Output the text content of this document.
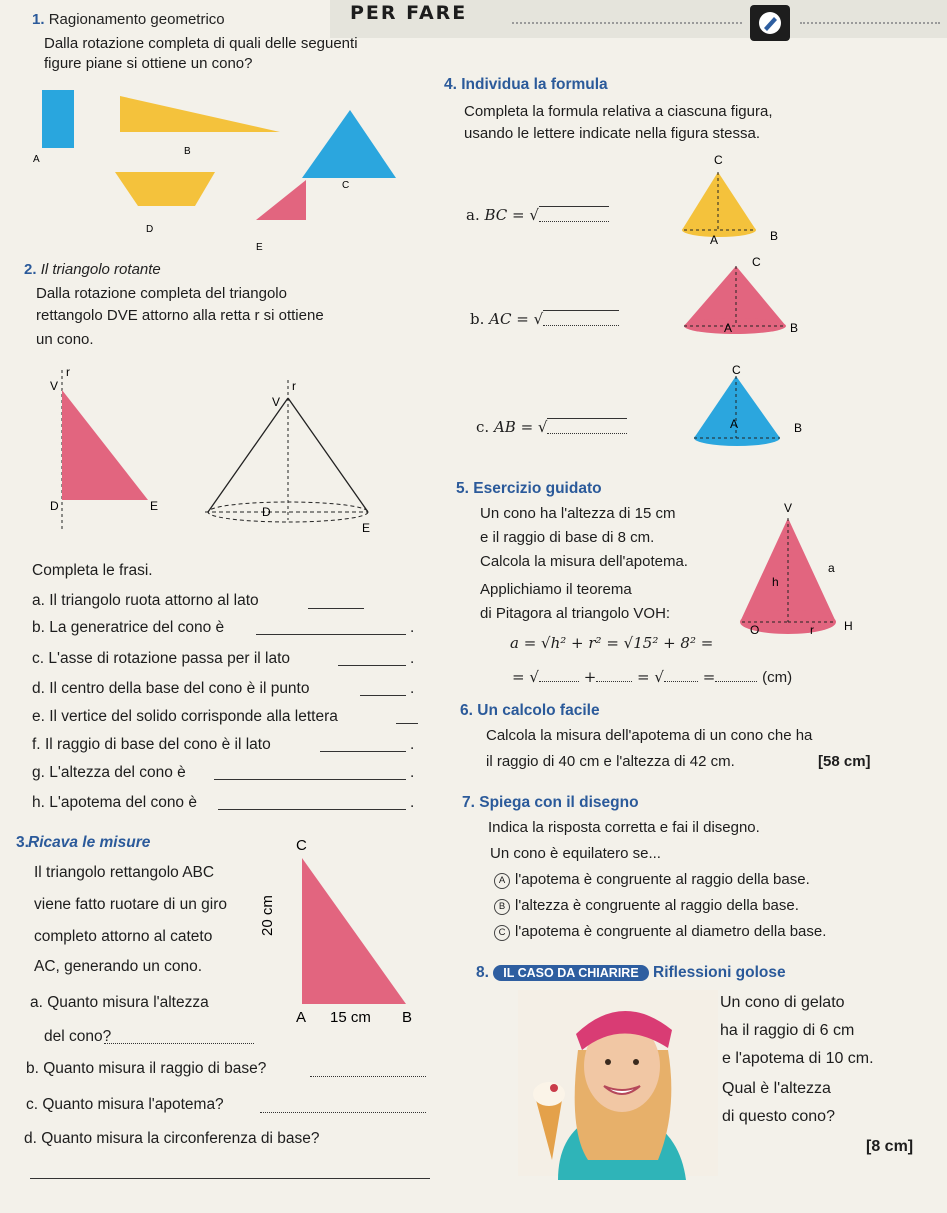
PER FARE
1. Ragionamento geometrico
Dalla rotazione completa di quali delle seguenti
figure piane si ottiene un cono?
A
B
C
D
E
2. Il triangolo rotante
Dalla rotazione completa del triangolo
rettangolo DVE attorno alla retta r si ottiene
un cono.
r
V
D	E
r
V
D
E
Completa le frasi.
a. Il triangolo ruota attorno al lato
b. La generatrice del cono è	.
c. L'asse di rotazione passa per il lato	.
d. Il centro della base del cono è il punto	.
e. Il vertice del solido corrisponde alla lettera
f. Il raggio di base del cono è il lato	.
g. L'altezza del cono è	.
h. L'apotema del cono è	.
3. Ricava le misure
Il triangolo rettangolo ABC
viene fatto ruotare di un giro
completo attorno al cateto
AC, generando un cono.
C
A	B
20 cm
15 cm
a. Quanto misura l'altezza
del cono?
b. Quanto misura il raggio di base?
c. Quanto misura l'apotema?
d. Quanto misura la circonferenza di base?
4. Individua la formula
Completa la formula relativa a ciascuna figura,
usando le lettere indicate nella figura stessa.
a. BC = √
b. AC = √
c. AB = √
C
A	B
C
A	B
C
A	B
5. Esercizio guidato
Un cono ha l'altezza di 15 cm
e il raggio di base di 8 cm.
Calcola la misura dell'apotema.
Applichiamo il teorema
di Pitagora al triangolo VOH:
a = √h² + r² = √15² + 8² =
= √	+	= √	=	(cm)
V
a
h
O	r	H
6. Un calcolo facile
Calcola la misura dell'apotema di un cono che ha
il raggio di 40 cm e l'altezza di 42 cm.	[58 cm]
7. Spiega con il disegno
Indica la risposta corretta e fai il disegno.
Un cono è equilatero se...
A l'apotema è congruente al raggio della base.
B l'altezza è congruente al raggio della base.
C l'apotema è congruente al diametro della base.
8. IL CASO DA CHIARIRE Riflessioni golose
Un cono di gelato
ha il raggio di 6 cm
e l'apotema di 10 cm.
Qual è l'altezza
di questo cono?
[8 cm]
